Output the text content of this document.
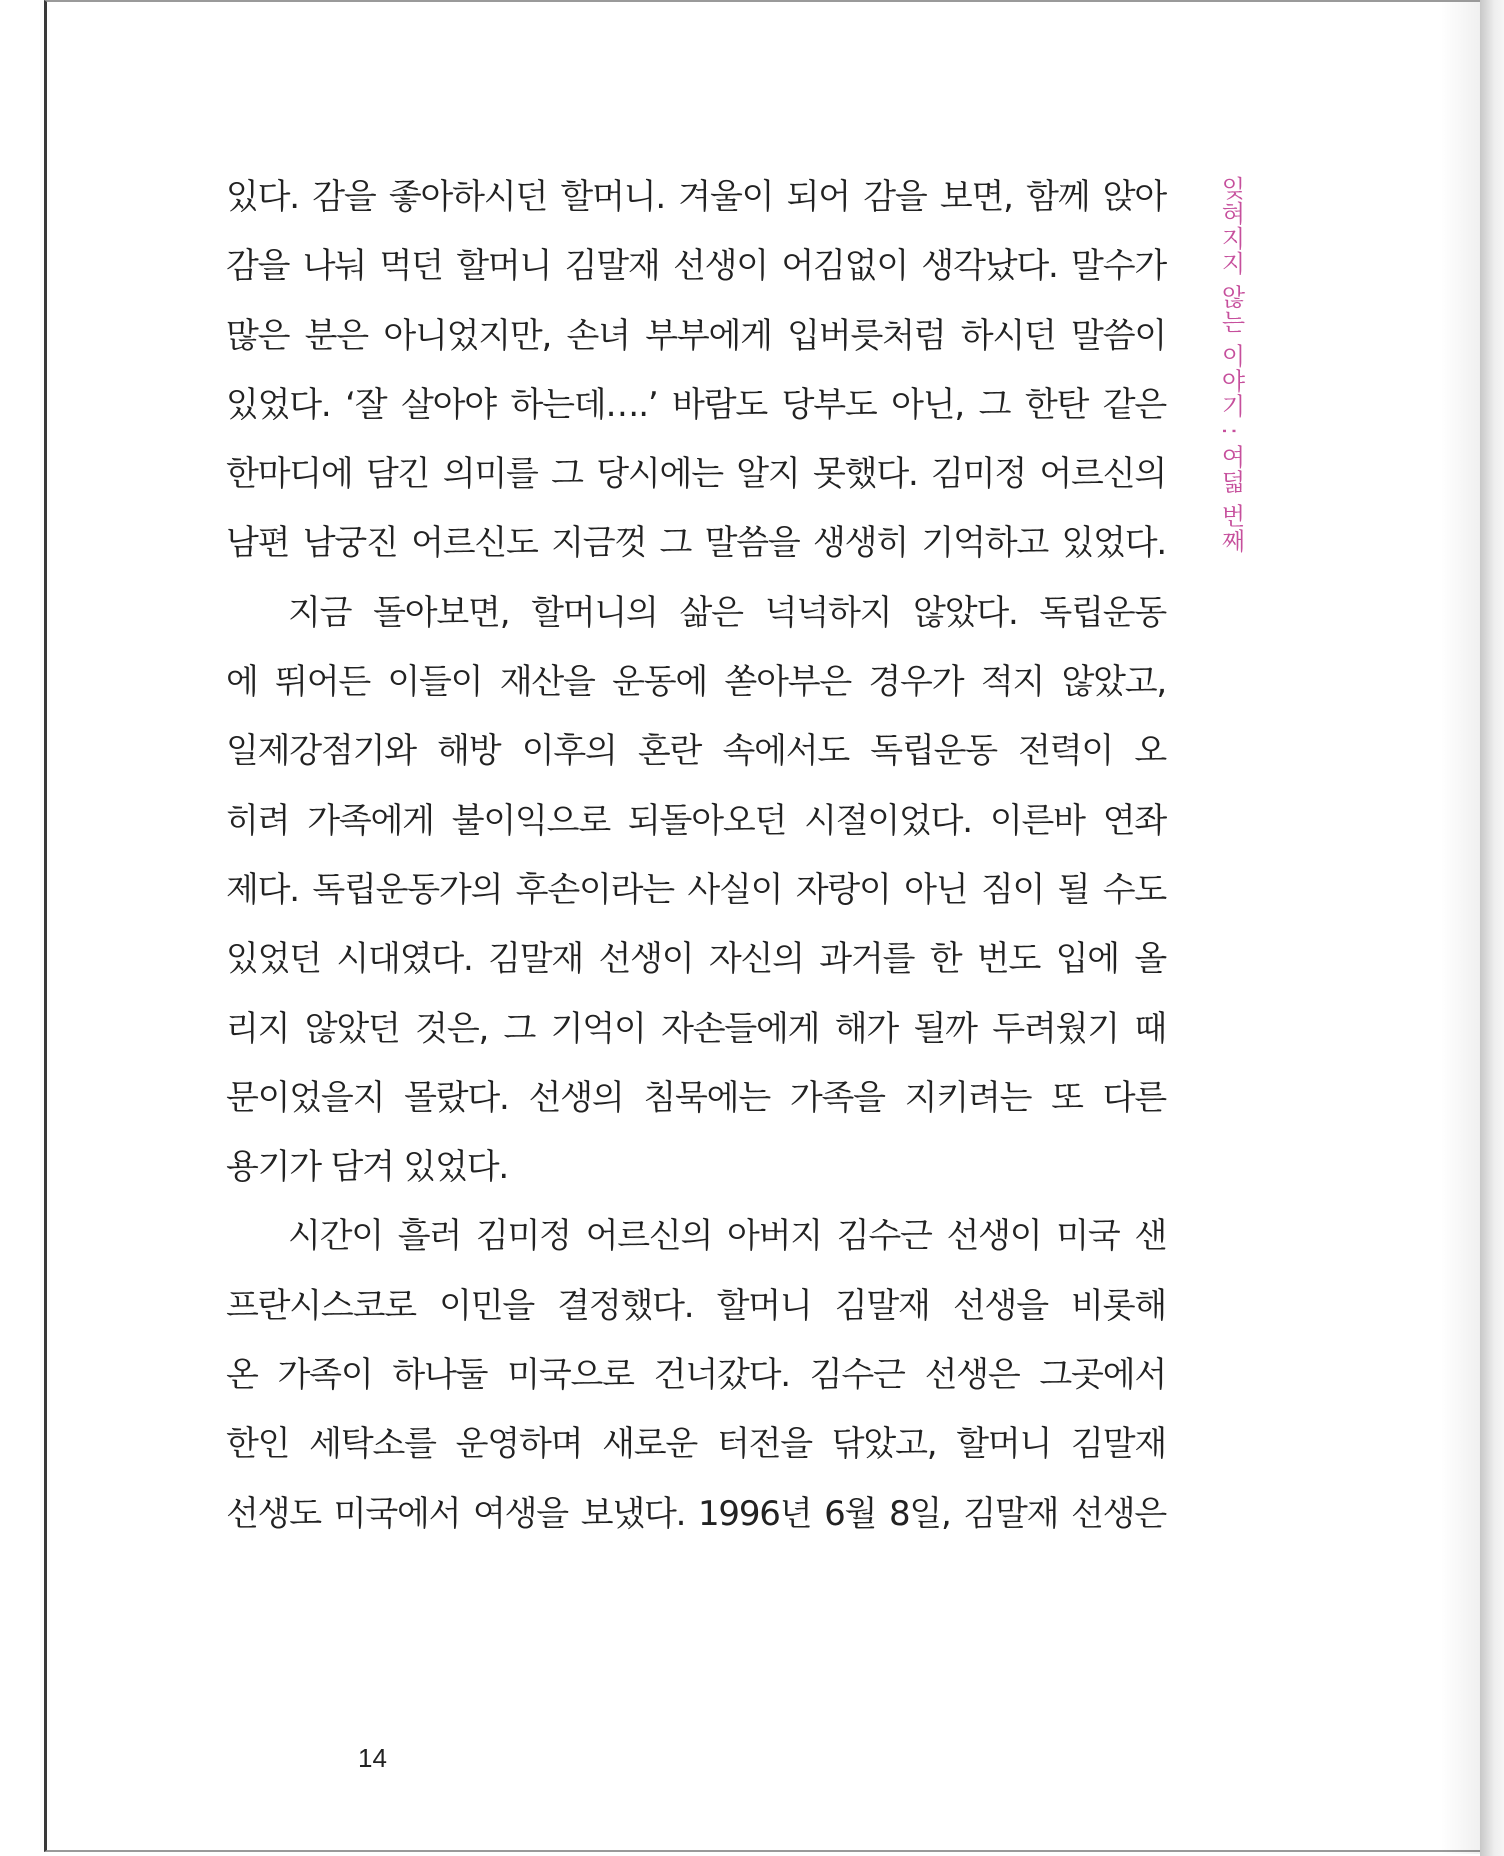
있다. 감을 좋아하시던 할머니. 겨울이 되어 감을 보면, 함께 앉아
감을 나눠 먹던 할머니 김말재 선생이 어김없이 생각났다. 말수가
많은 분은 아니었지만, 손녀 부부에게 입버릇처럼 하시던 말씀이
있었다. ‘잘 살아야 하는데….’ 바람도 당부도 아닌, 그 한탄 같은
한마디에 담긴 의미를 그 당시에는 알지 못했다. 김미정 어르신의
남편 남궁진 어르신도 지금껏 그 말씀을 생생히 기억하고 있었다.
지금 돌아보면, 할머니의 삶은 넉넉하지 않았다. 독립운동
에 뛰어든 이들이 재산을 운동에 쏟아부은 경우가 적지 않았고,
일제강점기와 해방 이후의 혼란 속에서도 독립운동 전력이 오
히려 가족에게 불이익으로 되돌아오던 시절이었다. 이른바 연좌
제다. 독립운동가의 후손이라는 사실이 자랑이 아닌 짐이 될 수도
있었던 시대였다. 김말재 선생이 자신의 과거를 한 번도 입에 올
리지 않았던 것은, 그 기억이 자손들에게 해가 될까 두려웠기 때
문이었을지 몰랐다. 선생의 침묵에는 가족을 지키려는 또 다른
용기가 담겨 있었다.
시간이 흘러 김미정 어르신의 아버지 김수근 선생이 미국 샌
프란시스코로 이민을 결정했다. 할머니 김말재 선생을 비롯해
온 가족이 하나둘 미국으로 건너갔다. 김수근 선생은 그곳에서
한인 세탁소를 운영하며 새로운 터전을 닦았고, 할머니 김말재
선생도 미국에서 여생을 보냈다. 1996년 6월 8일, 김말재 선생은
잊혀지지 않는 이야기 : 여덟 번째
14
